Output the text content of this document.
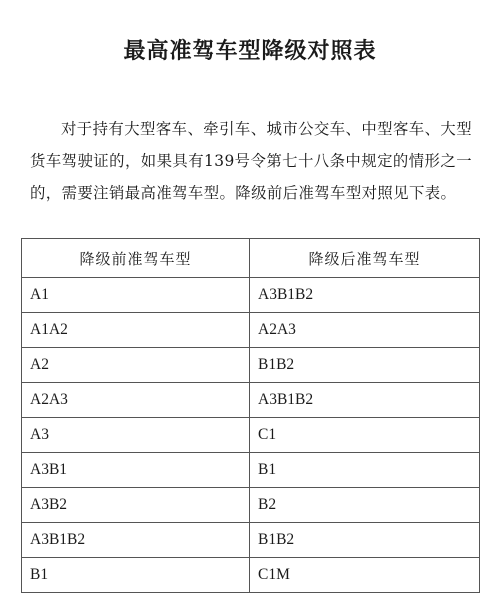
最高准驾车型降级对照表
对于持有大型客车、牵引车、城市公交车、中型客车、大型货车驾驶证的，如果具有139号令第七十八条中规定的情形之一的，需要注销最高准驾车型。降级前后准驾车型对照见下表。
降级前准驾车型	降级后准驾车型
A1	A3B1B2
A1A2	A2A3
A2	B1B2
A2A3	A3B1B2
A3	C1
A3B1	B1
A3B2	B2
A3B1B2	B1B2
B1	C1M
